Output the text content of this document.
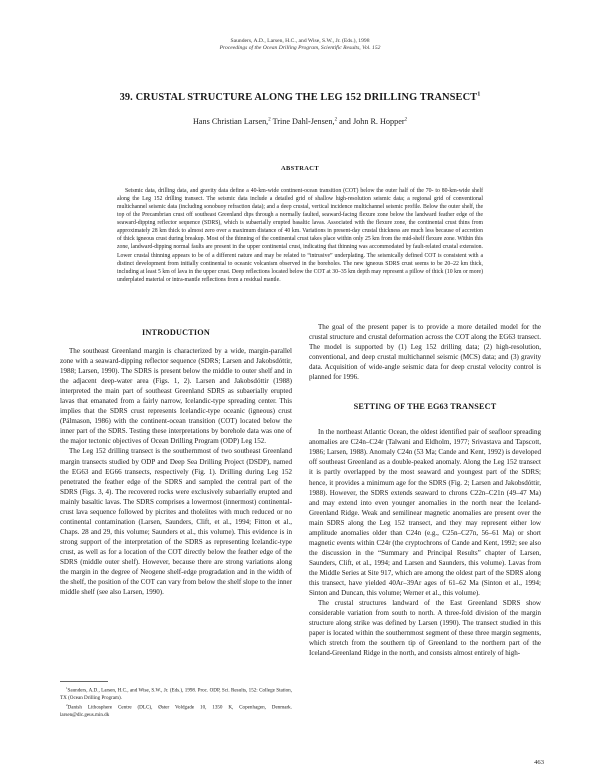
Saunders, A.D., Larsen, H.C., and Wise, S.W., Jr. (Eds.), 1998
Proceedings of the Ocean Drilling Program, Scientific Results, Vol. 152
39. CRUSTAL STRUCTURE ALONG THE LEG 152 DRILLING TRANSECT$^1$
Hans Christian Larsen,$^2$ Trine Dahl-Jensen,$^2$ and John R. Hopper$^2$
ABSTRACT

Seismic data, drilling data, and gravity data define a 40-km-wide continent-ocean transition (COT) below the outer half of the 70- to 80-km-wide shelf along the Leg 152 drilling transect. The seismic data include a detailed grid of shallow high-resolution seismic data; a regional grid of conventional multichannel seismic data (including sonobuoy refraction data); and a deep crustal, vertical incidence multichannel seismic profile. Below the outer shelf, the top of the Precambrian crust off southeast Greenland dips through a normally faulted, seaward-facing flexure zone below the landward feather edge of the seaward-dipping reflector sequence (SDRS), which is subaerially erupted basaltic lavas. Associated with the flexure zone, the continental crust thins from approximately 28 km thick to almost zero over a maximum distance of 40 km. Variations in present-day crustal thickness are much less because of accretion of thick igneous crust during breakup. Most of the thinning of the continental crust takes place within only 25 km from the mid-shelf flexure zone. Within this zone, landward-dipping normal faults are present in the upper continental crust, indicating that thinning was accommodated by fault-related crustal extension. Lower crustal thinning appears to be of a different nature and may be related to “intrusive” underplating. The seismically defined COT is consistent with a distinct development from initially continental to oceanic volcanism observed in the boreholes. The new igneous SDRS crust seems to be 20–22 km thick, including at least 5 km of lava in the upper crust. Deep reflections located below the COT at 30–35 km depth may represent a pillow of thick (10 km or more) underplated material or intra-mantle reflections from a residual mantle.

INTRODUCTION

The southeast Greenland margin is characterized by a wide, margin-parallel zone with a seaward-dipping reflector sequence (SDRS; Larsen and Jakobsdóttir, 1988; Larsen, 1990). The SDRS is present below the middle to outer shelf and in the adjacent deep-water area (Figs. 1, 2). Larsen and Jakobsdóttir (1988) interpreted the main part of southeast Greenland SDRS as subaerially erupted lavas that emanated from a fairly narrow, Icelandic-type spreading center. This implies that the SDRS crust represents Icelandic-type oceanic (igneous) crust (Pálmason, 1986) with the continent-ocean transition (COT) located below the inner part of the SDRS. Testing these interpretations by borehole data was one of the major tectonic objectives of Ocean Drilling Program (ODP) Leg 152.

The Leg 152 drilling transect is the southernmost of two southeast Greenland margin transects studied by ODP and Deep Sea Drilling Project (DSDP), named the EG63 and EG66 transects, respectively (Fig. 1). Drilling during Leg 152 penetrated the feather edge of the SDRS and sampled the central part of the SDRS (Figs. 3, 4). The recovered rocks were exclusively subaerially erupted and mainly basaltic lavas. The SDRS comprises a lowermost (innermost) continental-crust lava sequence followed by picrites and tholeiites with much reduced or no continental contamination (Larsen, Saunders, Clift, et al., 1994; Fitton et al., Chaps. 28 and 29, this volume; Saunders et al., this volume). This evidence is in strong support of the interpretation of the SDRS as representing Icelandic-type crust, as well as for a location of the COT directly below the feather edge of the SDRS (middle outer shelf). However, because there are strong variations along the margin in the degree of Neogene shelf-edge progradation and in the width of the shelf, the position of the COT can vary from below the shelf slope to the inner middle shelf (see also Larsen, 1990).

The goal of the present paper is to provide a more detailed model for the crustal structure and crustal deformation across the COT along the EG63 transect. The model is supported by (1) Leg 152 drilling data; (2) high-resolution, conventional, and deep crustal multichannel seismic (MCS) data; and (3) gravity data. Acquisition of wide-angle seismic data for deep crustal velocity control is planned for 1996.

SETTING OF THE EG63 TRANSECT

In the northeast Atlantic Ocean, the oldest identified pair of seafloor spreading anomalies are C24n–C24r (Talwani and Eldholm, 1977; Srivastava and Tapscott, 1986; Larsen, 1988). Anomaly C24n (53 Ma; Cande and Kent, 1992) is developed off southeast Greenland as a double-peaked anomaly. Along the Leg 152 transect it is partly overlapped by the most seaward and youngest part of the SDRS; hence, it provides a minimum age for the SDRS (Fig. 2; Larsen and Jakobsdóttir, 1988). However, the SDRS extends seaward to chrons C22n–C21n (49–47 Ma) and may extend into even younger anomalies in the north near the Iceland-Greenland Ridge. Weak and semilinear magnetic anomalies are present over the main SDRS along the Leg 152 transect, and they may represent either low amplitude anomalies older than C24n (e.g., C25n–C27n, 56–61 Ma) or short magnetic events within C24r (the cryptochrons of Cande and Kent, 1992; see also the discussion in the “Summary and Principal Results” chapter of Larsen, Saunders, Clift, et al., 1994; and Larsen and Saunders, this volume). Lavas from the Middle Series at Site 917, which are among the oldest part of the SDRS along this transect, have yielded 40Ar–39Ar ages of 61–62 Ma (Sinton et al., 1994; Sinton and Duncan, this volume; Werner et al., this volume).

The crustal structures landward of the East Greenland SDRS show considerable variation from south to north. A three-fold division of the margin structure along strike was defined by Larsen (1990). The transect studied in this paper is located within the southernmost segment of these three margin segments, which stretch from the southern tip of Greenland to the northern part of the Iceland-Greenland Ridge in the north, and consists almost entirely of high-

$^1$Saunders, A.D., Larsen, H.C., and Wise, S.W., Jr. (Eds.), 1998. Proc. ODP, Sci. Results, 152: College Station, TX (Ocean Drilling Program).

$^2$Danish Lithosphere Centre (DLC), Øster Voldgade 10, 1350 K, Copenhagen, Denmark. larsen@dlc.geus.min.dk

463
